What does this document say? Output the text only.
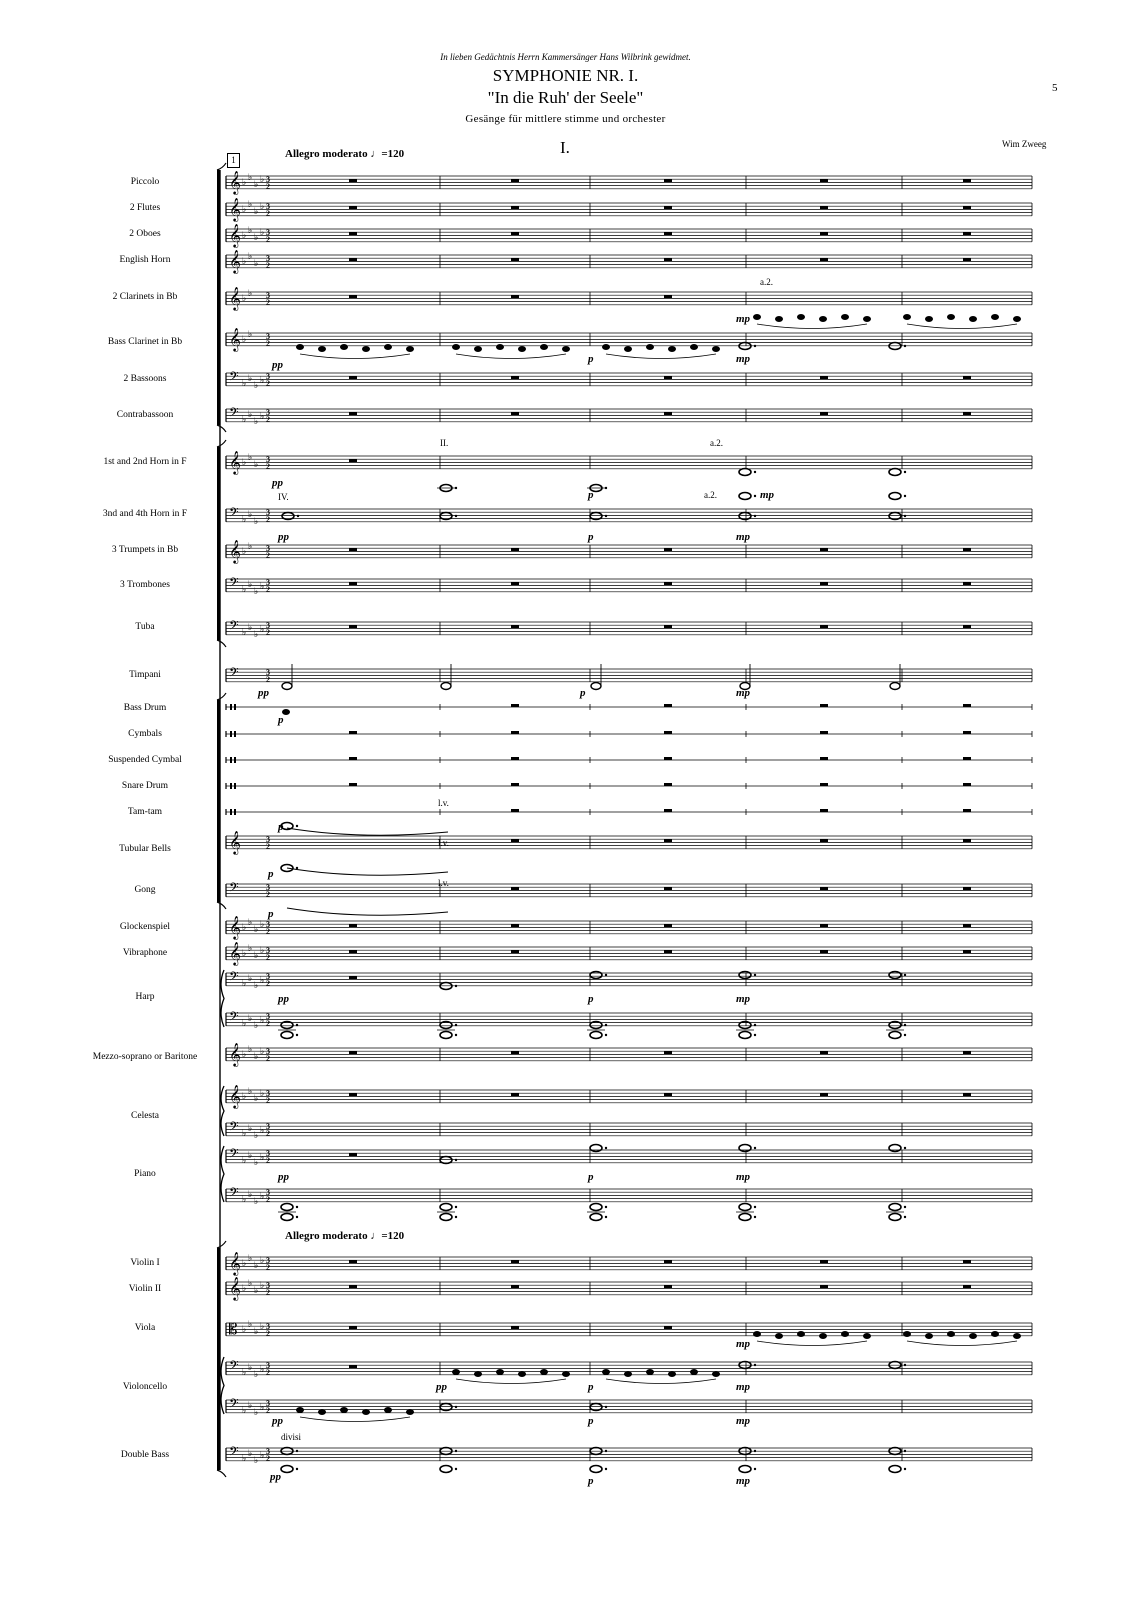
In lieben Gedächtnis Herrn Kammersänger Hans Wilbrink gewidmet.
SYMPHONIE NR. I.
"In die Ruh' der Seele"
Gesänge für mittlere stimme und orchester
5
Wim Zweeg
I.
1	Allegro moderato ♩=120
Allegro moderato ♩=120
Piccolo
2 Flutes
2 Oboes
English Horn
2 Clarinets in Bb
Bass Clarinet in Bb
2 Bassoons
Contrabassoon
1st and 2nd Horn in F
3nd and 4th Horn in F
3 Trumpets in Bb
3 Trombones
Tuba
Timpani
Bass Drum
Cymbals
Suspended Cymbal
Snare Drum
Tam-tam
Tubular Bells
Gong
Glockenspiel
Vibraphone
Harp
Mezzo-soprano or Baritone
Celesta
Piano
Violin I
Violin II
Viola
Violoncello
Double Bass
𝄞 ♭ ♭
♭ ♭ 3
2
𝄞 ♭ ♭
♭ ♭ 3
2
𝄞 ♭ ♭
♭ ♭ 3
2
𝄞 ♭ ♭
♭
3
2
𝄞 ♭ ♭ 3
2
𝄞 ♭ ♭ 3
2
𝄢 ♭ ♭
♭ ♭ 3
2
𝄢 ♭ ♭
♭ ♭ 3
2
𝄞 ♭ ♭
♭
3
2
𝄢 ♭ ♭
♭
3
2
𝄞 ♭ ♭ 3
2
𝄢 ♭ ♭
♭ ♭ 3
2
𝄢 ♭ ♭
♭ ♭ 3
2
𝄢	3
2
𝄞	3
2
𝄢	3
2
𝄞 ♭ ♭
♭ ♭ 3
2
𝄞 ♭ ♭
♭ ♭ 3
2
𝄢 ♭ ♭
♭ ♭ 3
2
𝄢 ♭ ♭
♭ ♭ 3
2
𝄞 ♭ ♭
♭ ♭ 3
2
𝄞 ♭ ♭
♭ ♭ 3
2
𝄢 ♭ ♭
♭ ♭ 3
2
𝄢 ♭ ♭
♭ ♭ 3
2
𝄢 ♭ ♭
♭ ♭ 3
2
𝄞 ♭ ♭
♭ ♭ 3
2
𝄞 ♭ ♭
♭ ♭ 3
2
𝄡 ♭ ♭
♭ ♭ 3
2
𝄢 ♭ ♭
♭ ♭ 3
2
𝄢 ♭ ♭
♭ ♭ 3
2
𝄢 ♭ ♭
♭ ♭ 3
2
II.	a.2.
a.2.
IV.
divisi
l.v.
l.v.
l.v.
pp	p	mp
mp
pp
p	mp
pp	p	mp
pp	p	mp
p
p
p
p
pp	p	mp
pp	p	mp
pp	p	mp
pp	p	mp
pp	p	mp
mp
a.2.
